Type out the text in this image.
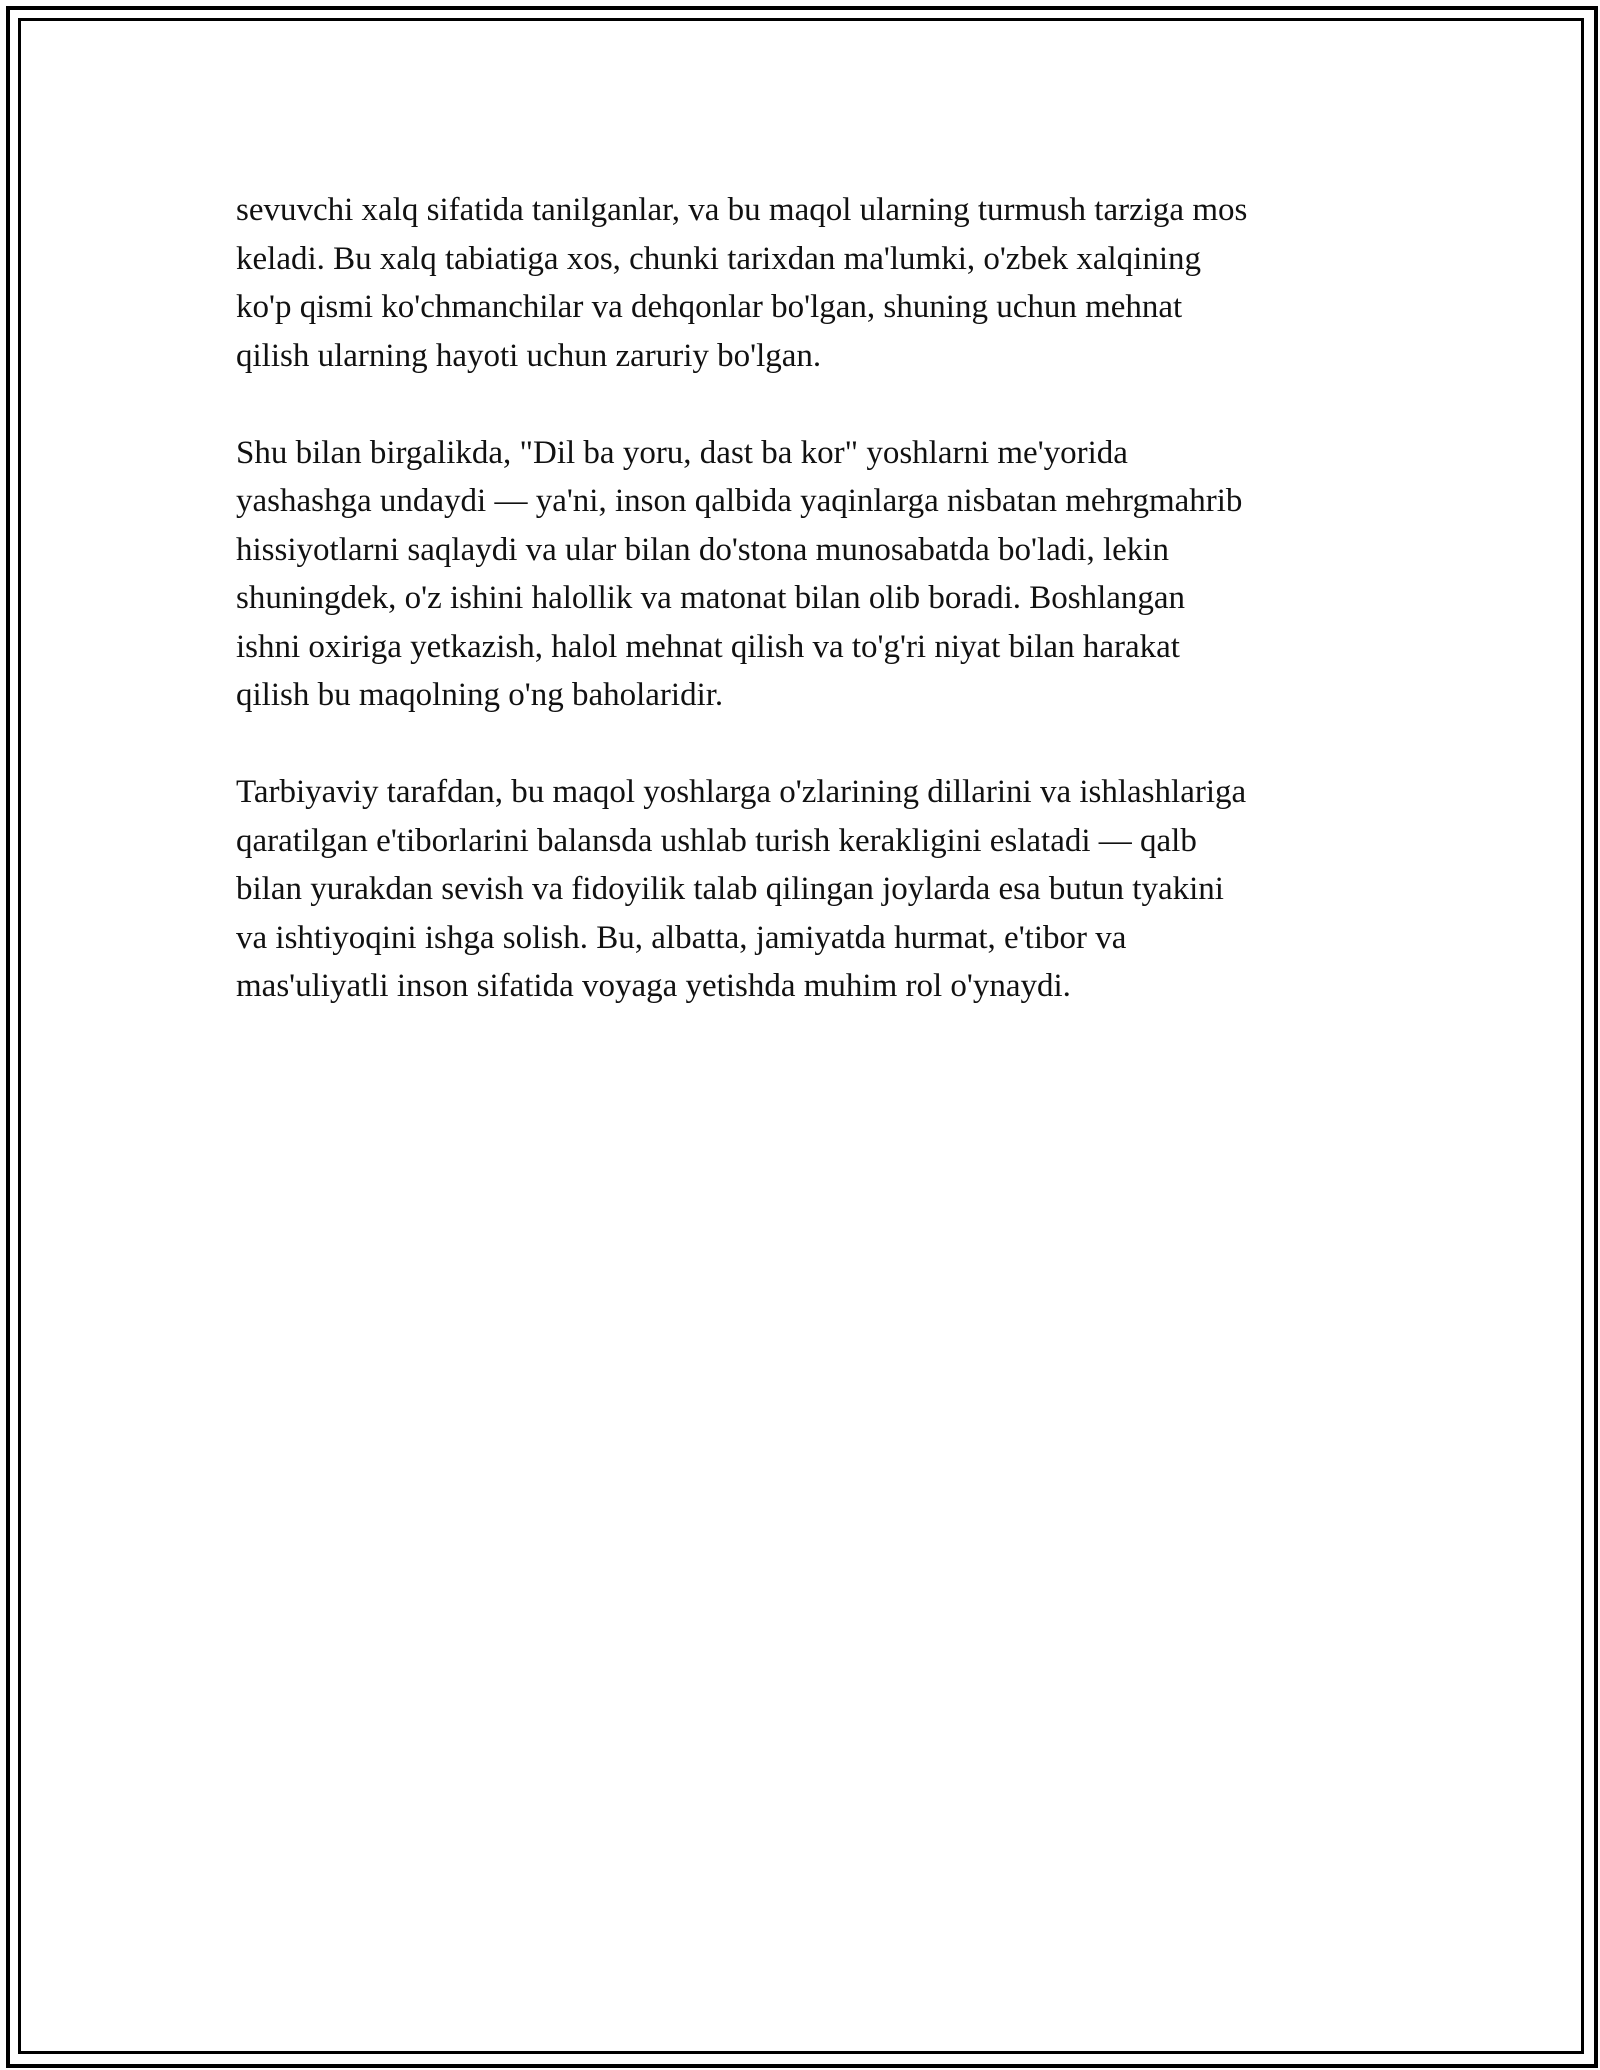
sevuvchi xalq sifatida tanilganlar, va bu maqol ularning turmush tarziga mos
keladi. Bu xalq tabiatiga xos, chunki tarixdan ma'lumki, o'zbek xalqining
ko'p qismi ko'chmanchilar va dehqonlar bo'lgan, shuning uchun mehnat
qilish ularning hayoti uchun zaruriy bo'lgan.

Shu bilan birgalikda, "Dil ba yoru, dast ba kor" yoshlarni me'yorida
yashashga undaydi — ya'ni, inson qalbida yaqinlarga nisbatan mehrgmahrib
hissiyotlarni saqlaydi va ular bilan do'stona munosabatda bo'ladi, lekin
shuningdek, o'z ishini halollik va matonat bilan olib boradi. Boshlangan
ishni oxiriga yetkazish, halol mehnat qilish va to'g'ri niyat bilan harakat
qilish bu maqolning o'ng baholaridir.

Tarbiyaviy tarafdan, bu maqol yoshlarga o'zlarining dillarini va ishlashlariga
qaratilgan e'tiborlarini balansda ushlab turish kerakligini eslatadi — qalb
bilan yurakdan sevish va fidoyilik talab qilingan joylarda esa butun tyakini
va ishtiyoqini ishga solish. Bu, albatta, jamiyatda hurmat, e'tibor va
mas'uliyatli inson sifatida voyaga yetishda muhim rol o'ynaydi.
